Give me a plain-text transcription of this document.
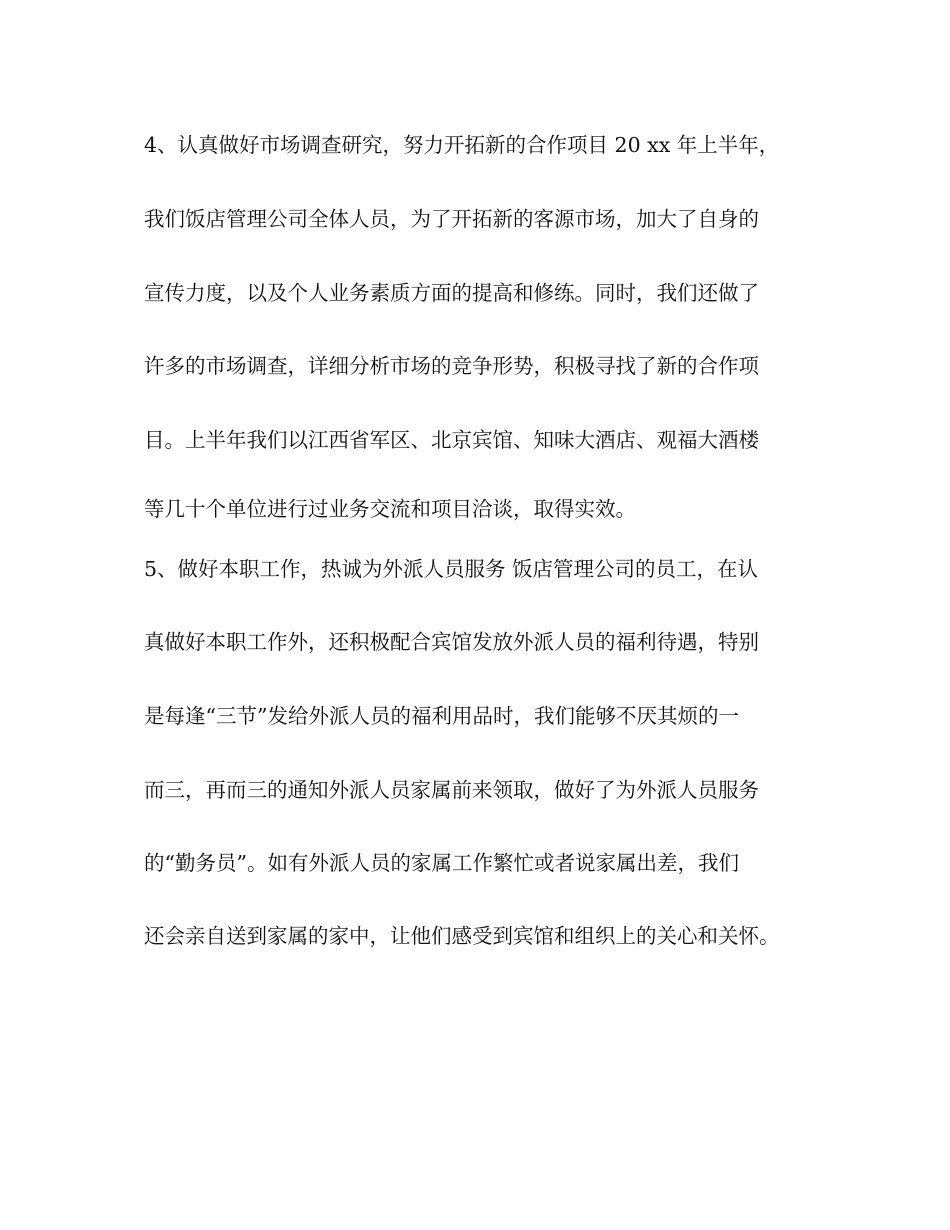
4、认真做好市场调查研究，努力开拓新的合作项目 20 xx 年上半年，

我们饭店管理公司全体人员，为了开拓新的客源市场，加大了自身的

宣传力度，以及个人业务素质方面的提高和修练。同时，我们还做了

许多的市场调查，详细分析市场的竞争形势，积极寻找了新的合作项

目。上半年我们以江西省军区、北京宾馆、知味大酒店、观福大酒楼

等几十个单位进行过业务交流和项目洽谈，取得实效。

5、做好本职工作，热诚为外派人员服务 饭店管理公司的员工，在认

真做好本职工作外，还积极配合宾馆发放外派人员的福利待遇，特别

是每逢“三节”发给外派人员的福利用品时，我们能够不厌其烦的一

而三，再而三的通知外派人员家属前来领取，做好了为外派人员服务

的“勤务员”。如有外派人员的家属工作繁忙或者说家属出差，我们

还会亲自送到家属的家中，让他们感受到宾馆和组织上的关心和关怀。
